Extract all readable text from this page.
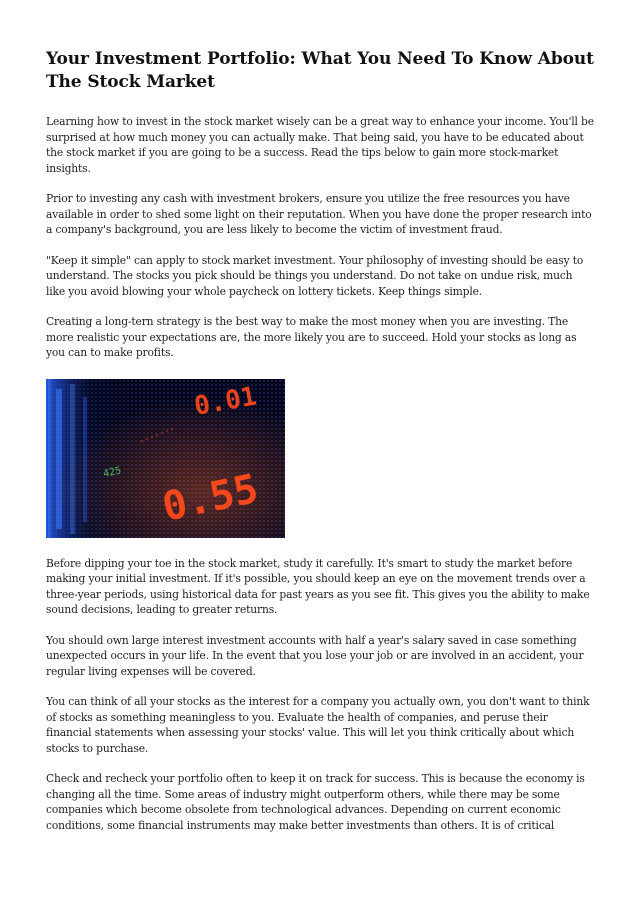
Your Investment Portfolio: What You Need To Know About The Stock Market

Learning how to invest in the stock market wisely can be a great way to enhance your income. You'll be surprised at how much money you can actually make. That being said, you have to be educated about the stock market if you are going to be a success. Read the tips below to gain more stock-market insights.

Prior to investing any cash with investment brokers, ensure you utilize the free resources you have available in order to shed some light on their reputation. When you have done the proper research into a company's background, you are less likely to become the victim of investment fraud.

"Keep it simple" can apply to stock market investment. Your philosophy of investing should be easy to understand. The stocks you pick should be things you understand. Do not take on undue risk, much like you avoid blowing your whole paycheck on lottery tickets. Keep things simple.

Creating a long-tern strategy is the best way to make the most money when you are investing. The more realistic your expectations are, the more likely you are to succeed. Hold your stocks as long as you can to make profits.

425
0.01
0.55

Before dipping your toe in the stock market, study it carefully. It's smart to study the market before making your initial investment. If it's possible, you should keep an eye on the movement trends over a three-year periods, using historical data for past years as you see fit. This gives you the ability to make sound decisions, leading to greater returns.

You should own large interest investment accounts with half a year's salary saved in case something unexpected occurs in your life. In the event that you lose your job or are involved in an accident, your regular living expenses will be covered.

You can think of all your stocks as the interest for a company you actually own, you don't want to think of stocks as something meaningless to you. Evaluate the health of companies, and peruse their financial statements when assessing your stocks' value. This will let you think critically about which stocks to purchase.

Check and recheck your portfolio often to keep it on track for success. This is because the economy is changing all the time. Some areas of industry might outperform others, while there may be some companies which become obsolete from technological advances. Depending on current economic conditions, some financial instruments may make better investments than others. It is of critical
